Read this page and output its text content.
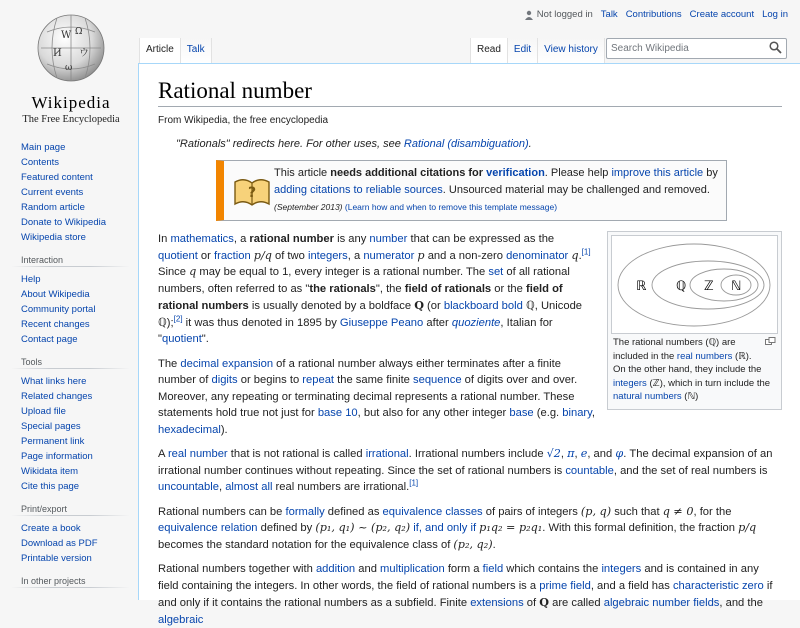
W Ω
И ウ
ω
Wikipedia
The Free Encyclopedia
Not logged in Talk Contributions Create account Log in
Article	Talk	Read	Edit	View history	Search Wikipedia
Main page
Contents
Featured content
Current events
Random article
Donate to Wikipedia
Wikipedia store
Interaction
Help
About Wikipedia
Community portal
Recent changes
Contact page
Tools
What links here
Related changes
Upload file
Special pages
Permanent link
Page information
Wikidata item
Cite this page
Print/export
Create a book
Download as PDF
Printable version
In other projects
Rational number
From Wikipedia, the free encyclopedia
"Rationals" redirects here. For other uses, see Rational (disambiguation).
?
This article needs additional citations for verification. Please help improve this article by adding citations to reliable sources. Unsourced material may be challenged and removed. (September 2013) (Learn how and when to remove this template message)
ℝ ℚ ℤ ℕ
The rational numbers (ℚ) are included in the real numbers (ℝ). On the other hand, they include the integers (ℤ), which in turn include the natural numbers (ℕ)

In mathematics, a rational number is any number that can be expressed as the quotient or fraction p/q of two integers, a numerator p and a non-zero denominator q.[1] Since q may be equal to 1, every integer is a rational number. The set of all rational numbers, often referred to as "the rationals", the field of rationals or the field of rational numbers is usually denoted by a boldface Q (or blackboard bold ℚ, Unicode ℚ);[2] it was thus denoted in 1895 by Giuseppe Peano after quoziente, Italian for "quotient".

The decimal expansion of a rational number always either terminates after a finite number of digits or begins to repeat the same finite sequence of digits over and over. Moreover, any repeating or terminating decimal represents a rational number. These statements hold true not just for base 10, but also for any other integer base (e.g. binary, hexadecimal).

A real number that is not rational is called irrational. Irrational numbers include √2, π, e, and φ. The decimal expansion of an irrational number continues without repeating. Since the set of rational numbers is countable, and the set of real numbers is uncountable, almost all real numbers are irrational.[1]

Rational numbers can be formally defined as equivalence classes of pairs of integers (p, q) such that q ≠ 0, for the equivalence relation defined by (p₁, q₁) ~ (p₂, q₂) if, and only if p₁q₂ = p₂q₁. With this formal definition, the fraction p/q becomes the standard notation for the equivalence class of (p₂, q₂).

Rational numbers together with addition and multiplication form a field which contains the integers and is contained in any field containing the integers. In other words, the field of rational numbers is a prime field, and a field has characteristic zero if and only if it contains the rational numbers as a subfield. Finite extensions of Q are called algebraic number fields, and the algebraic
